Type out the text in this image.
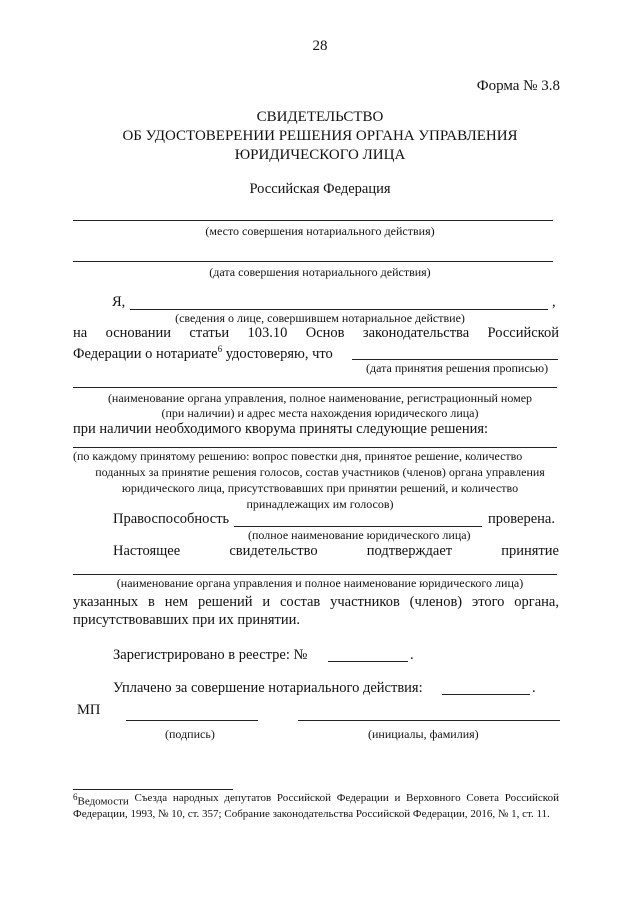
28
Форма № 3.8
СВИДЕТЕЛЬСТВО
ОБ УДОСТОВЕРЕНИИ РЕШЕНИЯ ОРГАНА УПРАВЛЕНИЯ
ЮРИДИЧЕСКОГО ЛИЦА
Российская Федерация
(место совершения нотариального действия)
(дата совершения нотариального действия)
Я,	,
(сведения о лице, совершившем нотариальное действие)
на основании статьи 103.10 Основ законодательства Российской
Федерации о нотариате$^6$ удостоверяю, что
(дата принятия решения прописью)
(наименование органа управления, полное наименование, регистрационный номер
(при наличии) и адрес места нахождения юридического лица)
при наличии необходимого кворума приняты следующие решения:
(по каждому принятому решению: вопрос повестки дня, принятое решение, количество
поданных за принятие решения голосов, состав участников (членов) органа управления
юридического лица, присутствовавших при принятии решений, и количество
принадлежащих им голосов)
Правоспособность	проверена.
(полное наименование юридического лица)
Настоящее	свидетельство	подтверждает	принятие
(наименование органа управления и полное наименование юридического лица)
указанных в нем решений и состав участников (членов) этого органа,
присутствовавших при их принятии.
Зарегистрировано в реестре: №	.
Уплачено за совершение нотариального действия:	.
МП
(подпись)	(инициалы, фамилия)
$^6$Ведомости Съезда народных депутатов Российской Федерации и Верховного Совета Российской
Федерации, 1993, № 10, ст. 357; Собрание законодательства Российской Федерации, 2016, № 1, ст. 11.
